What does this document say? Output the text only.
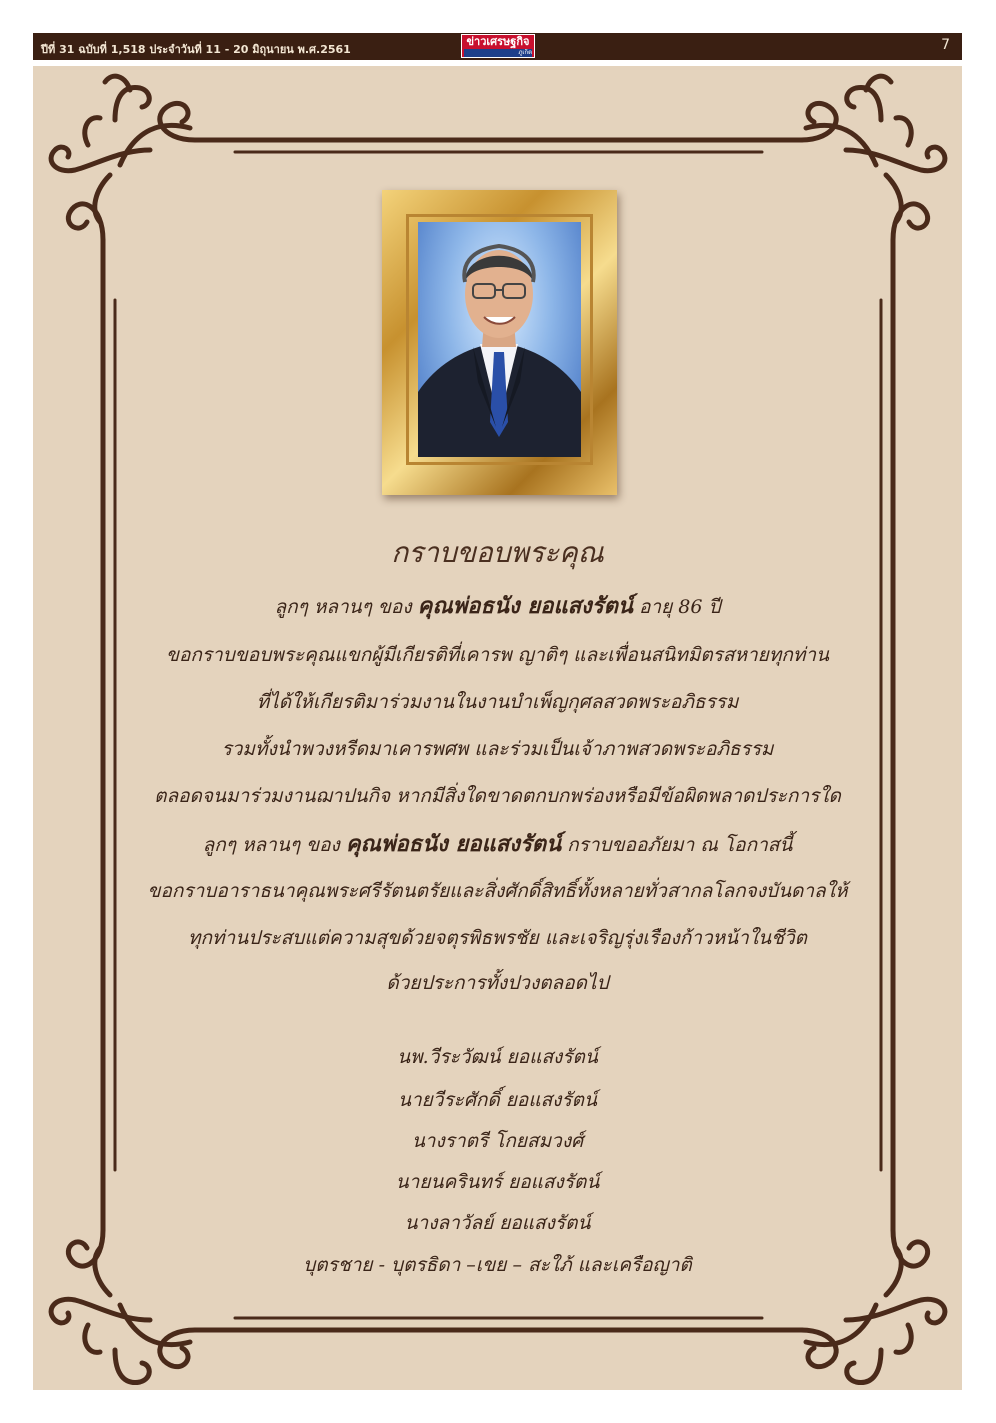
ปีที่ 31 ฉบับที่ 1,518 ประจำวันที่ 11 - 20 มิถุนายน พ.ศ.2561
ข่าวเศรษฐกิจ
ภูเก็ต	7
กราบขอบพระคุณ
ลูกๆ หลานๆ ของ คุณพ่อธนัง ยอแสงรัตน์ อายุ 86 ปี
ขอกราบขอบพระคุณแขกผู้มีเกียรติที่เคารพ ญาติๆ และเพื่อนสนิทมิตรสหายทุกท่าน
ที่ได้ให้เกียรติมาร่วมงานในงานบำเพ็ญกุศลสวดพระอภิธรรม
รวมทั้งนำพวงหรีดมาเคารพศพ และร่วมเป็นเจ้าภาพสวดพระอภิธรรม
ตลอดจนมาร่วมงานฌาปนกิจ หากมีสิ่งใดขาดตกบกพร่องหรือมีข้อผิดพลาดประการใด
ลูกๆ หลานๆ ของ คุณพ่อธนัง ยอแสงรัตน์ กราบขออภัยมา ณ โอกาสนี้
ขอกราบอาราธนาคุณพระศรีรัตนตรัยและสิ่งศักดิ์สิทธิ์ทั้งหลายทั่วสากลโลกจงบันดาลให้
ทุกท่านประสบแต่ความสุขด้วยจตุรพิธพรชัย และเจริญรุ่งเรืองก้าวหน้าในชีวิต
ด้วยประการทั้งปวงตลอดไป
นพ.วีระวัฒน์ ยอแสงรัตน์
นายวีระศักดิ์ ยอแสงรัตน์
นางราตรี โกยสมวงศ์
นายนครินทร์ ยอแสงรัตน์
นางลาวัลย์ ยอแสงรัตน์
บุตรชาย - บุตรธิดา –เขย – สะใภ้ และเครือญาติ
